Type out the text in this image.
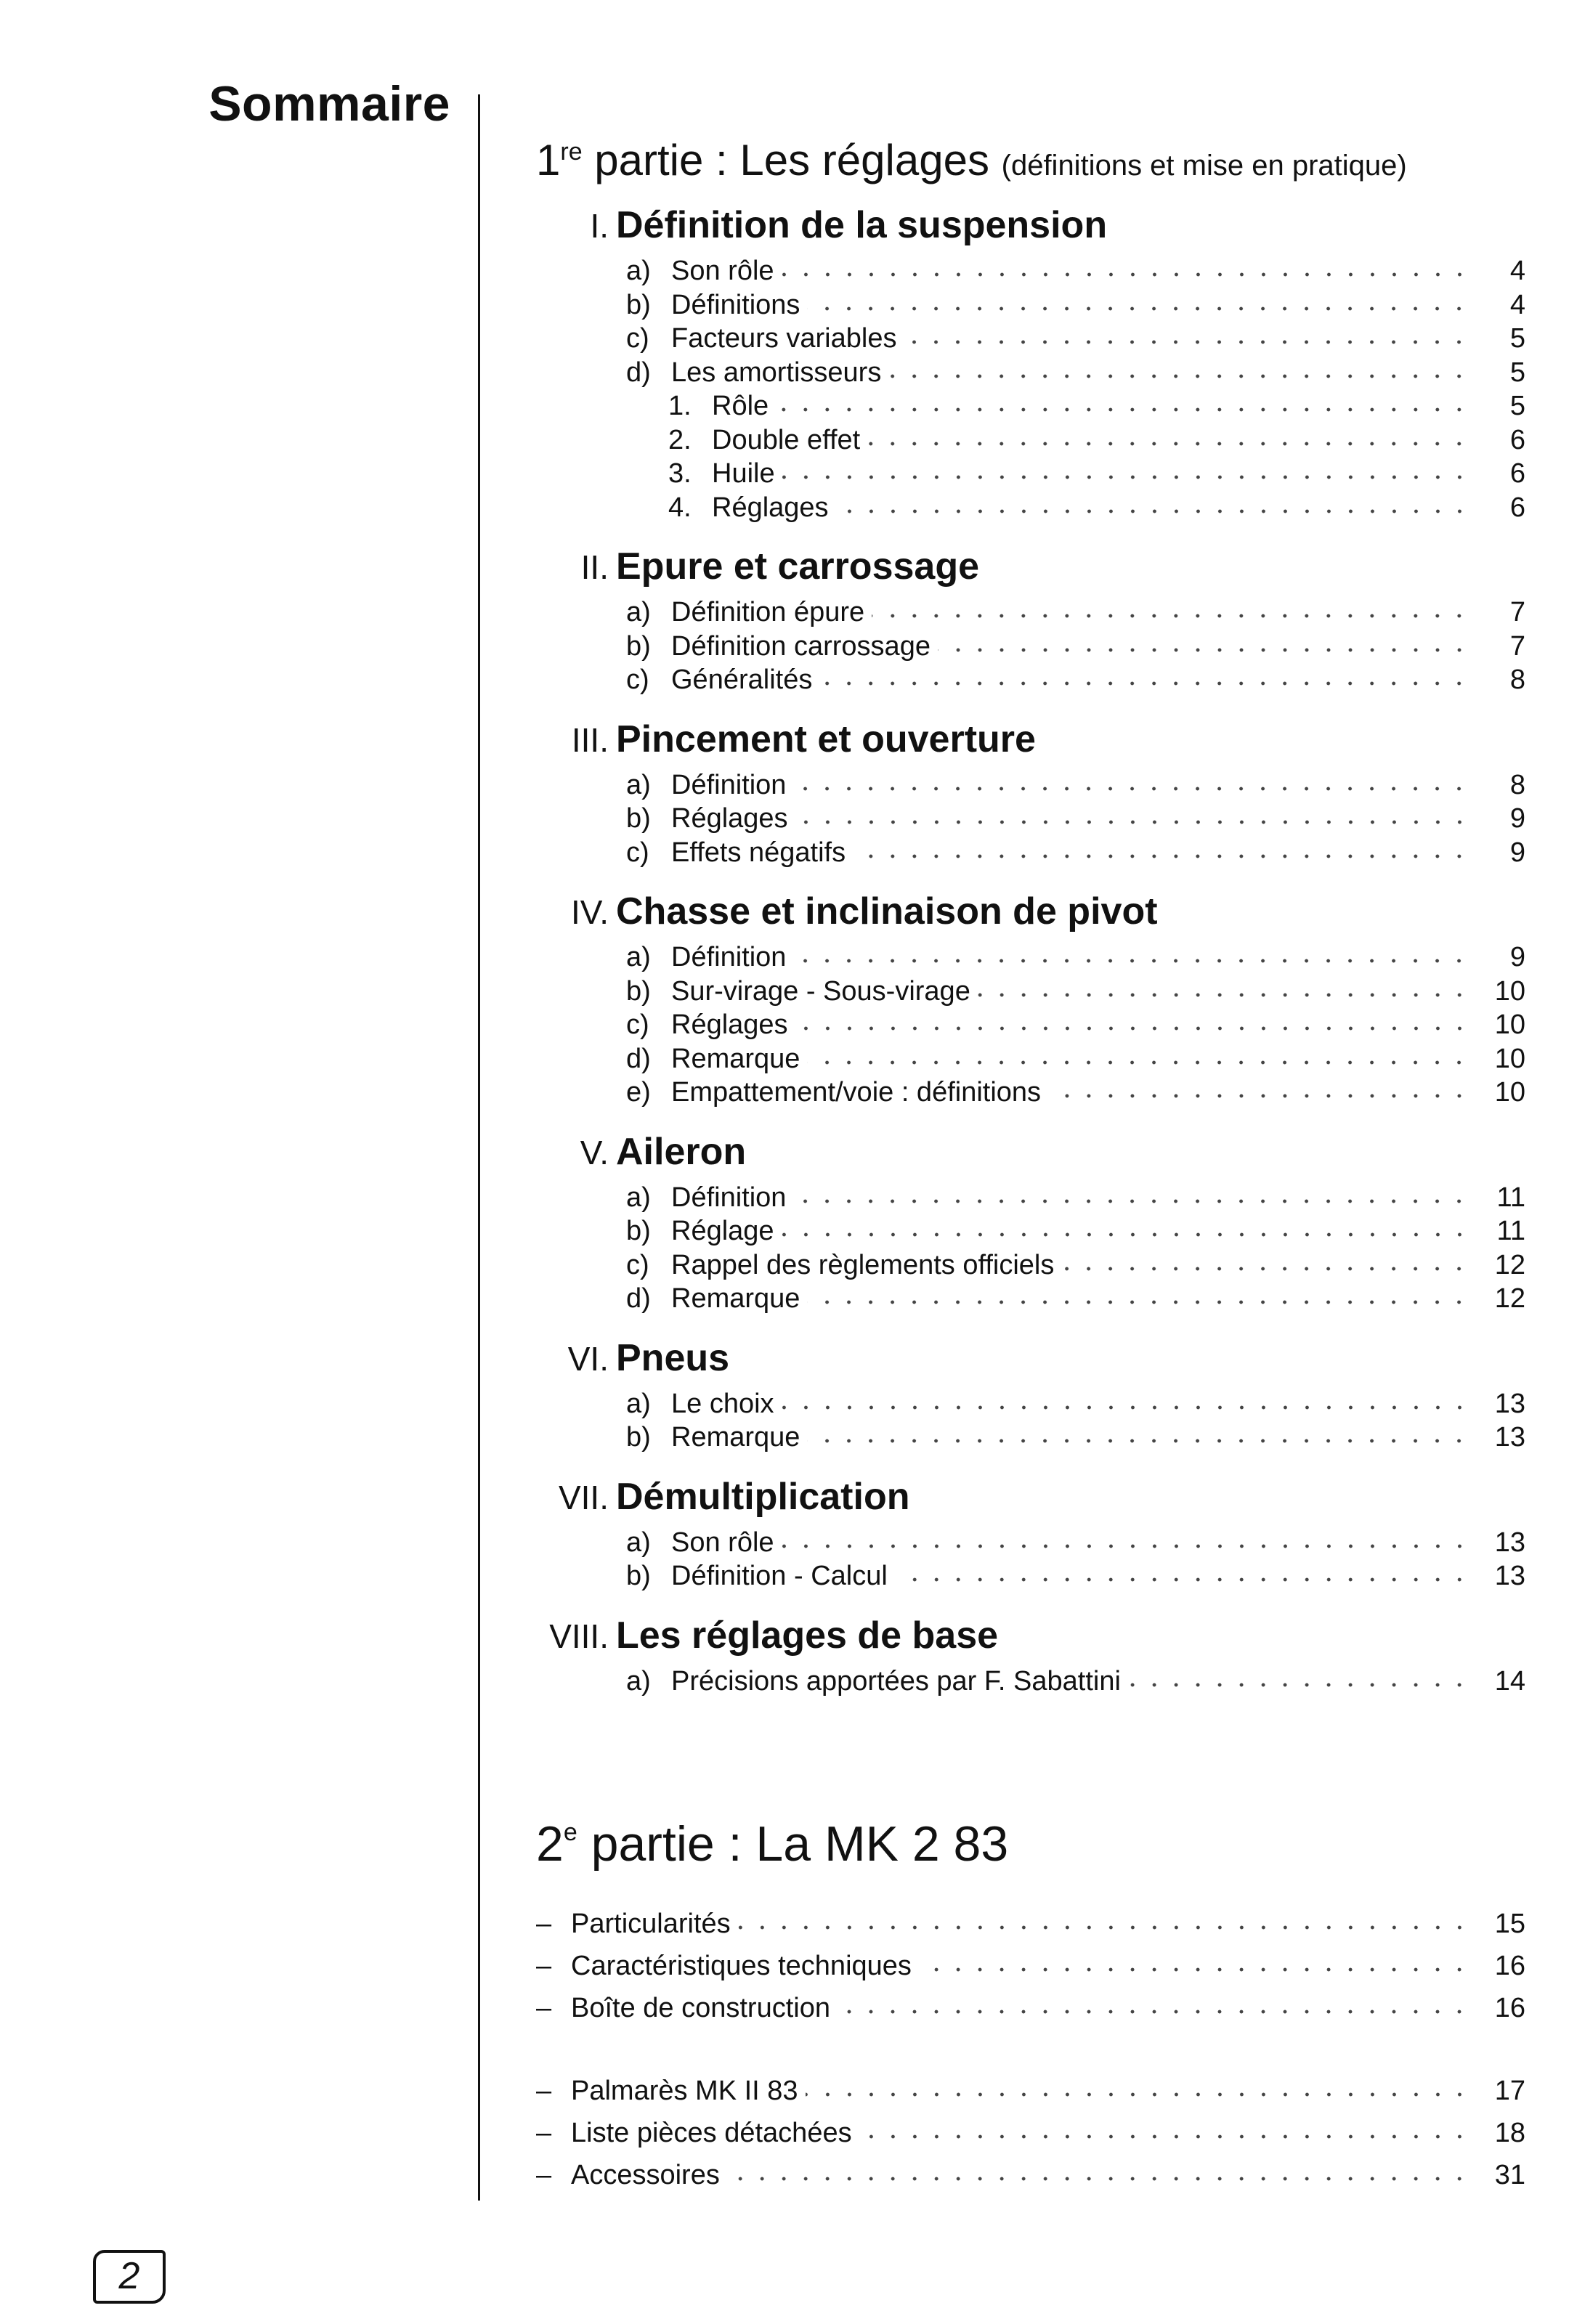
Sommaire
1re partie : Les réglages (définitions et mise en pratique)
I. Définition de la suspension
a) Son rôle	4
b) Définitions	4
c) Facteurs variables	5
d) Les amortisseurs	5
1. Rôle	5
2. Double effet	6
3. Huile	6
4. Réglages	6
II. Epure et carrossage
a) Définition épure	7
b) Définition carrossage	7
c) Généralités	8
III. Pincement et ouverture
a) Définition	8
b) Réglages	9
c) Effets négatifs	9
IV. Chasse et inclinaison de pivot
a) Définition	9
b) Sur-virage - Sous-virage	10
c) Réglages	10
d) Remarque	10
e) Empattement/voie : définitions	10
V. Aileron
a) Définition	11
b) Réglage	11
c) Rappel des règlements officiels	12
d) Remarque	12
VI. Pneus
a) Le choix	13
b) Remarque	13
VII. Démultiplication
a) Son rôle	13
b) Définition - Calcul	13
VIII. Les réglages de base
a) Précisions apportées par F. Sabattini	14
2e partie : La MK 2 83
– Particularités	15
– Caractéristiques techniques	16
– Boîte de construction	16
– Palmarès MK II 83	17
– Liste pièces détachées	18
– Accessoires	31
2
